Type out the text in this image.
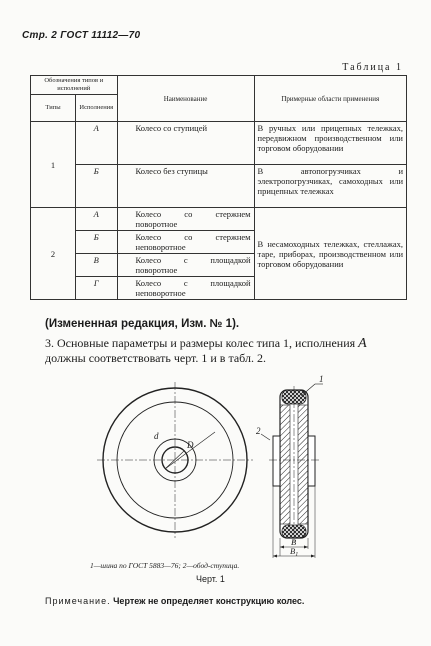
Стр. 2 ГОСТ 11112—70
Таблица 1
Обозначения типов и исполнений		Наименование	Примерные области применения
Типы	Исполнения		
1	А	Колесо со ступицей	В ручных или прицепных тележках, передвижном производственном или торговом оборудовании
	Б	Колесо без ступицы	В автопогрузчиках и электропогрузчиках, самоходных или прицепных тележках
2	А	Колесо со стержнем поворотное	В несамоходных тележках, стеллажах, таре, приборах, производственном или торговом оборудовании
	Б	Колесо со стержнем неповоротное	
	В	Колесо с площадкой поворотное	
	Г	Колесо с площадкой неповоротное	
(Измененная редакция, Изм. № 1).
3. Основные параметры и размеры колес типа 1, исполнения А
должны соответствовать черт. 1 и в табл. 2.
d
D
1
2
B
$B_1$
1—шина по ГОСТ 5883—76; 2—обод-ступица.
Черт. 1
Примечание. Чертеж не определяет конструкцию колес.
